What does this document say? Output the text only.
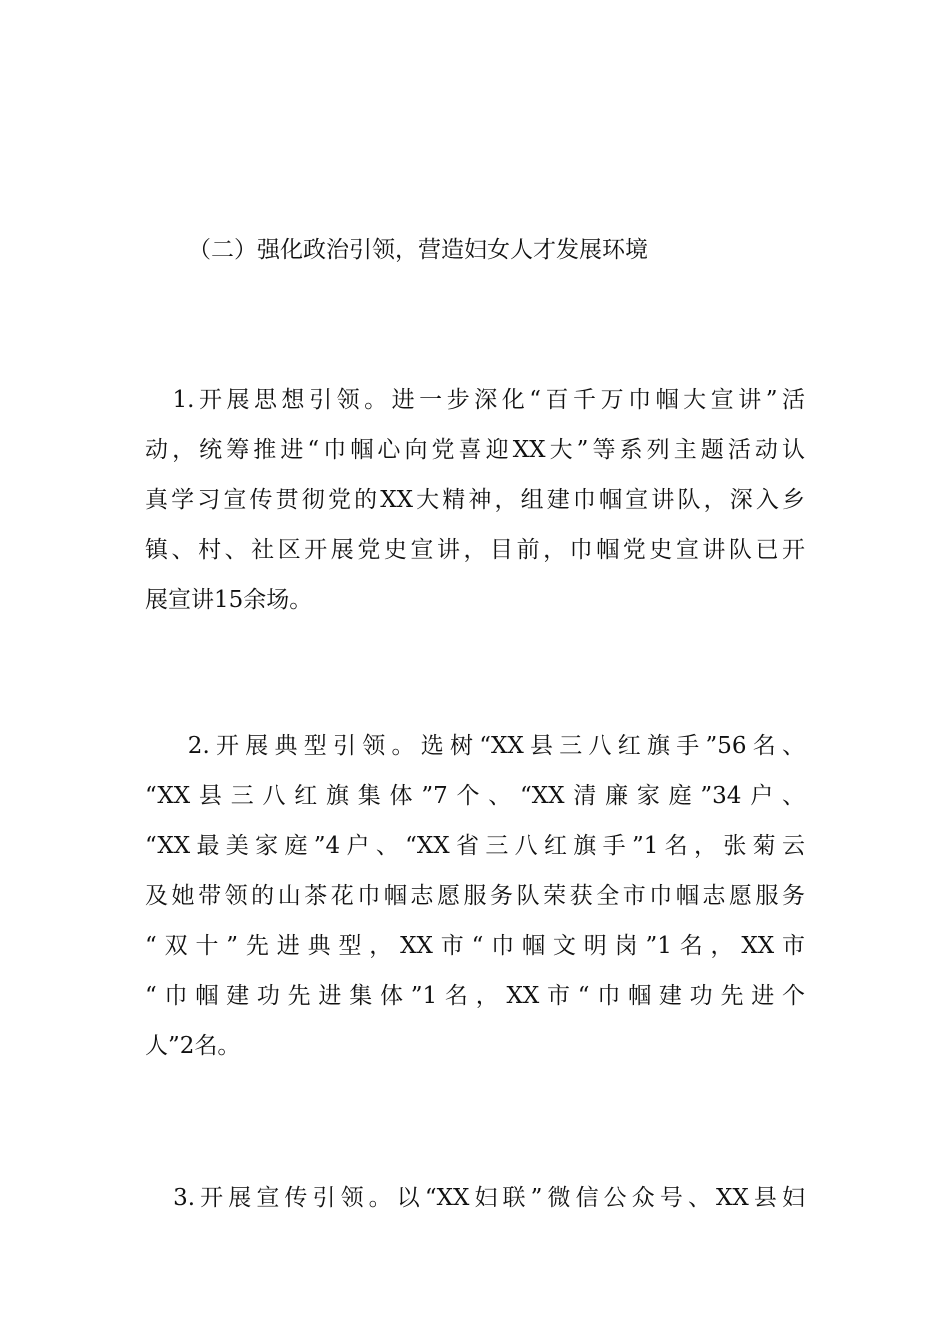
（二）强化政治引领，营造妇女人才发展环境
　1.开展思想引领。进一步深化“百千万巾帼大宣讲”活
动，统筹推进“巾帼心向党喜迎XX大”等系列主题活动认
真学习宣传贯彻党的XX大精神，组建巾帼宣讲队，深入乡
镇、村、社区开展党史宣讲，目前，巾帼党史宣讲队已开
展宣讲15余场。
　 2.开展典型引领。选树“XX县三八红旗手”56名、
“XX县三八红旗集体”7个、“XX清廉家庭”34户、
“XX最美家庭”4户、“XX省三八红旗手”1名，张菊云
及她带领的山茶花巾帼志愿服务队荣获全市巾帼志愿服务
“双十”先进典型，XX市“巾帼文明岗”1名，XX市
“巾帼建功先进集体”1名，XX市“巾帼建功先进个
人”2名。
　3.开展宣传引领。以“XX妇联”微信公众号、XX县妇
